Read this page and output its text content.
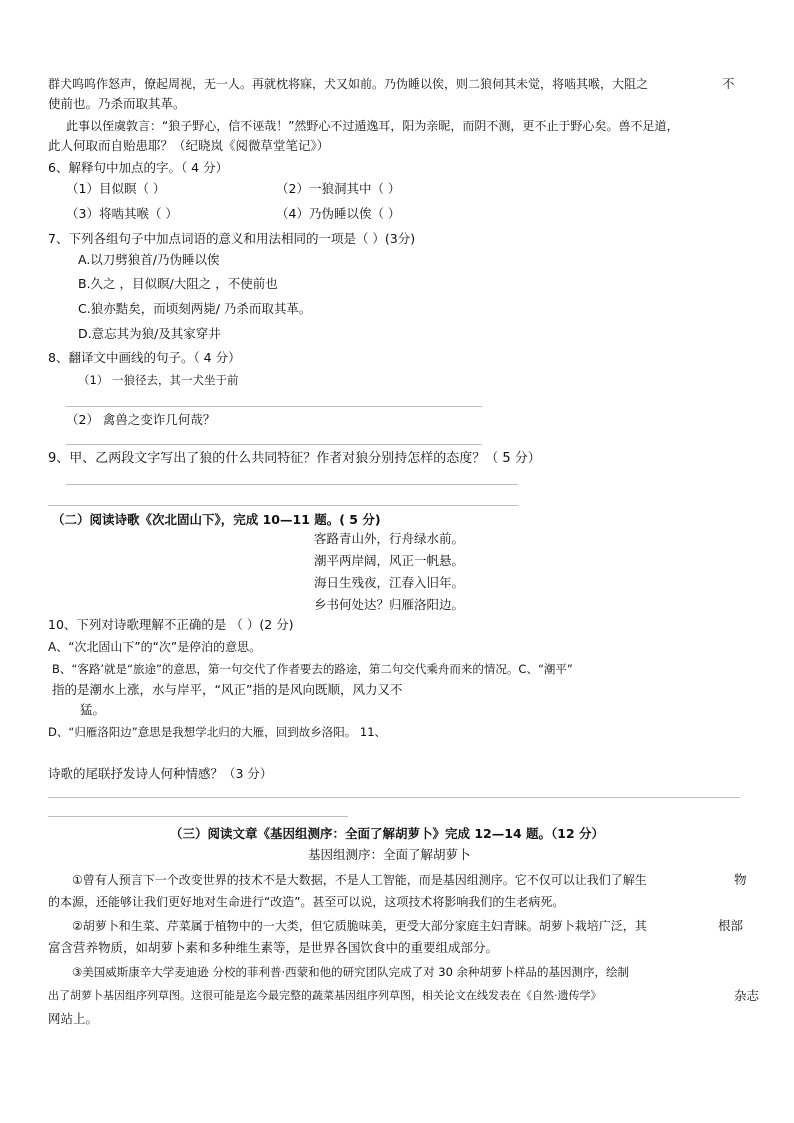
群犬呜呜作怒声，僚起周视，无一人。再就枕将寐，犬又如前。乃伪睡以俟，则二狼伺其未觉，将啮其喉，大阻之	不
使前也。乃杀而取其革。
此事以侄虞敦言：“狼子野心，信不诬哉！”然野心不过遁逸耳，阳为亲昵，而阴不测，更不止于野心矣。兽不足道，
此人何取而自贻患耶？（纪晓岚《阅微草堂笔记》）
6、解释句中加点的字。（ 4 分）
（1）目似瞑（ ）	（2）一狼洞其中（ ）
（3）将啮其喉（ ）	（4）乃伪睡以俟（ ）
7、下列各组句子中加点词语的意义和用法相同的一项是（ ）(3分)
A.以刀劈狼首/乃伪睡以俟
B.久之 ，目似瞑/大阻之 ，不使前也
C.狼亦黠矣，而顷刻两毙/ 乃杀而取其革。
D.意忘其为狼/及其家穿井
8、翻译文中画线的句子。（ 4 分）
（1） 一狼径去，其一犬坐于前
（2） 禽兽之变诈几何哉？
9、甲、乙两段文字写出了狼的什么共同特征？作者对狼分别持怎样的态度？（ 5 分）
（二）阅读诗歌《次北固山下》，完成 10—11 题。( 5 分)
客路青山外，行舟绿水前。
潮平两岸阔，风正一帆悬。
海日生残夜，江春入旧年。
乡书何处达？归雁洛阳边。
10、下列对诗歌理解不正确的是 （ ）(2 分)
A、“次北固山下”的“次”是停泊的意思。
B、“客路’就是“旅途”的意思，第一句交代了作者要去的路途，第二句交代乘舟而来的情况。C、“潮平”
指的是潮水上涨，水与岸平，“风正”指的是风向既顺，风力又不
猛。
D、“归雁洛阳边”意思是我想学北归的大雁，回到故乡洛阳。 11、
诗歌的尾联抒发诗人何种情感？（3 分）
（三）阅读文章《基因组测序：全面了解胡萝卜》完成 12—14 题。（12 分）
基因组测序：全面了解胡萝卜
①曾有人预言下一个改变世界的技术不是大数据，不是人工智能，而是基因组测序。它不仅可以让我们了解生	物
的本源，还能够让我们更好地对生命进行“改造”。甚至可以说，这项技术将影响我们的生老病死。
②胡萝卜和生菜、芹菜属于植物中的一大类，但它质脆味美，更受大部分家庭主妇青睐。胡萝卜栽培广泛，其	根部
富含营养物质，如胡萝卜素和多种维生素等，是世界各国饮食中的重要组成部分。
③美国威斯康辛大学麦迪逊 分校的菲利普·西蒙和他的研究团队完成了对 30 余种胡萝卜样品的基因测序，绘制
出了胡萝卜基因组序列草图。这很可能是迄今最完整的蔬菜基因组序列草图，相关论文在线发表在《自然·遗传学》	杂志
网站上。
